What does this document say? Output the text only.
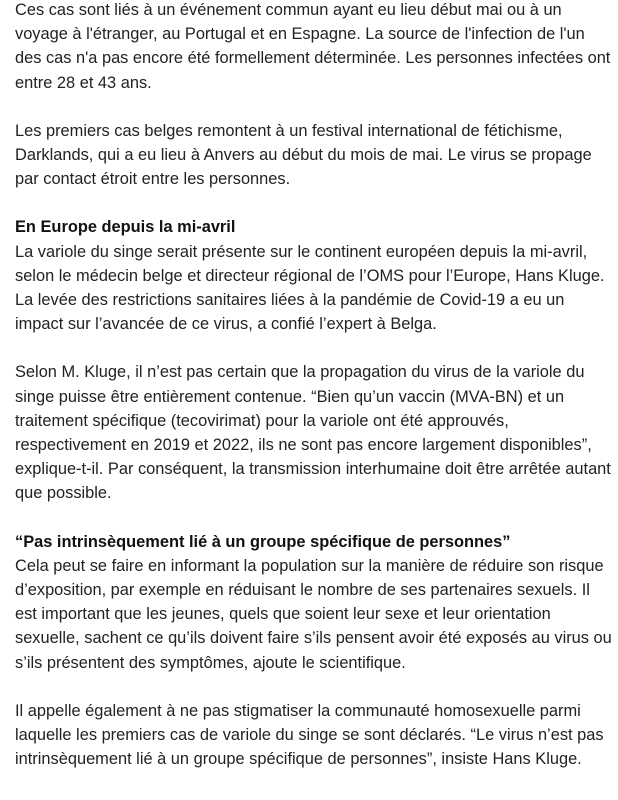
Ces cas sont liés à un événement commun ayant eu lieu début mai ou à un voyage à l'étranger, au Portugal et en Espagne. La source de l'infection de l'un des cas n'a pas encore été formellement déterminée. Les personnes infectées ont entre 28 et 43 ans.

Les premiers cas belges remontent à un festival international de fétichisme, Darklands, qui a eu lieu à Anvers au début du mois de mai. Le virus se propage par contact étroit entre les personnes.

En Europe depuis la mi-avril

La variole du singe serait présente sur le continent européen depuis la mi-avril, selon le médecin belge et directeur régional de l’OMS pour l’Europe, Hans Kluge. La levée des restrictions sanitaires liées à la pandémie de Covid-19 a eu un impact sur l’avancée de ce virus, a confié l’expert à Belga.

Selon M. Kluge, il n’est pas certain que la propagation du virus de la variole du singe puisse être entièrement contenue. “Bien qu’un vaccin (MVA-BN) et un traitement spécifique (tecovirimat) pour la variole ont été approuvés, respectivement en 2019 et 2022, ils ne sont pas encore largement disponibles”, explique-t-il. Par conséquent, la transmission interhumaine doit être arrêtée autant que possible.

“Pas intrinsèquement lié à un groupe spécifique de personnes”

Cela peut se faire en informant la population sur la manière de réduire son risque d’exposition, par exemple en réduisant le nombre de ses partenaires sexuels. Il est important que les jeunes, quels que soient leur sexe et leur orientation sexuelle, sachent ce qu’ils doivent faire s’ils pensent avoir été exposés au virus ou s’ils présentent des symptômes, ajoute le scientifique.

Il appelle également à ne pas stigmatiser la communauté homosexuelle parmi laquelle les premiers cas de variole du singe se sont déclarés. “Le virus n’est pas intrinsèquement lié à un groupe spécifique de personnes”, insiste Hans Kluge.
